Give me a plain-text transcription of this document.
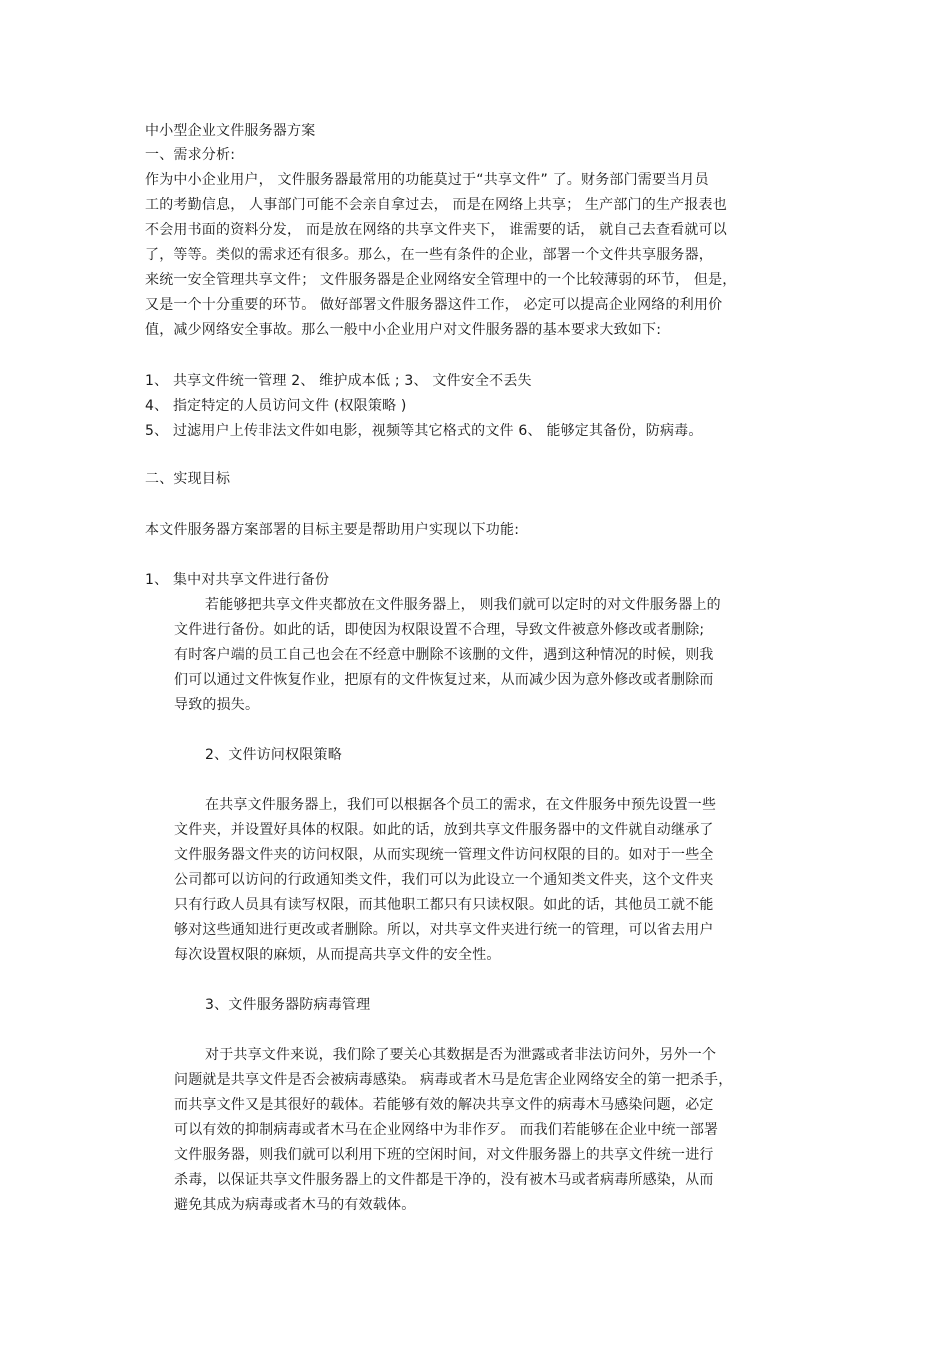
中小型企业文件服务器方案
一、需求分析:
作为中小企业用户， 文件服务器最常用的功能莫过于“共享文件” 了。财务部门需要当月员
工的考勤信息， 人事部门可能不会亲自拿过去， 而是在网络上共享； 生产部门的生产报表也
不会用书面的资料分发， 而是放在网络的共享文件夹下， 谁需要的话， 就自己去查看就可以
了，等等。类似的需求还有很多。那么，在一些有条件的企业，部署一个文件共享服务器，
来统一安全管理共享文件； 文件服务器是企业网络安全管理中的一个比较薄弱的环节， 但是，
又是一个十分重要的环节。 做好部署文件服务器这件工作， 必定可以提高企业网络的利用价
值，减少网络安全事故。那么一般中小企业用户对文件服务器的基本要求大致如下:
1、 共享文件统一管理 2、 维护成本低 ; 3、 文件安全不丢失
4、 指定特定的人员访问文件 (权限策略 )
5、 过滤用户上传非法文件如电影，视频等其它格式的文件 6、 能够定其备份，防病毒。
二、实现目标
本文件服务器方案部署的目标主要是帮助用户实现以下功能:
1、 集中对共享文件进行备份
若能够把共享文件夹都放在文件服务器上， 则我们就可以定时的对文件服务器上的
文件进行备份。如此的话，即使因为权限设置不合理，导致文件被意外修改或者删除;
有时客户端的员工自己也会在不经意中删除不该删的文件，遇到这种情况的时候，则我
们可以通过文件恢复作业，把原有的文件恢复过来，从而减少因为意外修改或者删除而
导致的损失。
2、文件访问权限策略
在共享文件服务器上，我们可以根据各个员工的需求，在文件服务中预先设置一些
文件夹，并设置好具体的权限。如此的话，放到共享文件服务器中的文件就自动继承了
文件服务器文件夹的访问权限，从而实现统一管理文件访问权限的目的。如对于一些全
公司都可以访问的行政通知类文件，我们可以为此设立一个通知类文件夹，这个文件夹
只有行政人员具有读写权限，而其他职工都只有只读权限。如此的话，其他员工就不能
够对这些通知进行更改或者删除。所以，对共享文件夹进行统一的管理，可以省去用户
每次设置权限的麻烦，从而提高共享文件的安全性。
3、文件服务器防病毒管理
对于共享文件来说，我们除了要关心其数据是否为泄露或者非法访问外，另外一个
问题就是共享文件是否会被病毒感染。 病毒或者木马是危害企业网络安全的第一把杀手，
而共享文件又是其很好的载体。若能够有效的解决共享文件的病毒木马感染问题，必定
可以有效的抑制病毒或者木马在企业网络中为非作歹。 而我们若能够在企业中统一部署
文件服务器，则我们就可以利用下班的空闲时间，对文件服务器上的共享文件统一进行
杀毒，以保证共享文件服务器上的文件都是干净的，没有被木马或者病毒所感染，从而
避免其成为病毒或者木马的有效载体。
